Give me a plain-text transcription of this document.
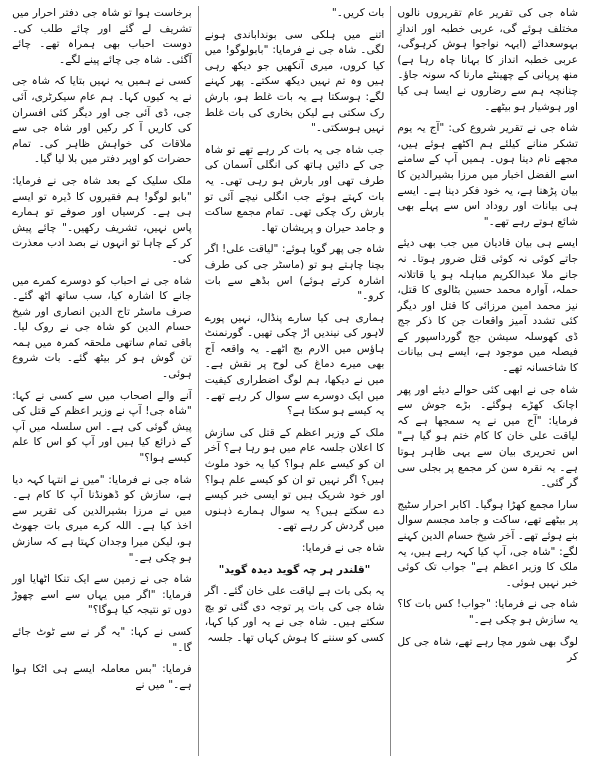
شاہ جی کی تقریر عام تقریروں نالوں مختلف ہوئے گی، عربی خطبہ اور اندازِ بہوسعدائے (ایہہ نواجوا ہوش کرہوگی، عربی خطبہ انداز کا بہانا چاہ رہا ہے) منھ پرپانی کے چھینٹے مارنا کہ سونہ جاؤ۔ چنانچہ ہم سے رضاروں نے ایسا ہی کیا اور ہوشیار ہو بیٹھے۔

شاہ جی نے تقریر شروع کی: "آج یہ یوم تشکر منانے کیلئے ہم اکٹھے ہوئے ہیں، مجھے نام دینا ہوں۔ ہمیں آپ کے سامنے اسے الفضل اخبار میں مرزا بشیرالدین کا بیان پڑھنا ہے، یہ خود فکر دینا ہے۔ ایسے ہی بیانات اور روداد اس سے پہلے بھی شائع ہوتے رہے تھے۔"

ایسے ہی بیان قادیان میں جب بھی دیئے جاتے کوئی نہ کوئی قتل ضرور ہوتا۔ نہ جانے ملا عبدالکریم مباہلہ ہو یا قاتلانہ حملہ، آوارہ محمد حسین بٹالوی کا قتل، نیز محمد امین مرزائی کا قتل اور دیگر کئی تشدد آمیز واقعات جن کا ذکر جج ڈی کھوسلہ سیشن جج گورداسپور کے فیصلہ میں موجود ہے، ایسے ہی بیانات کا شاخسانہ تھے۔

شاہ جی نے ابھی کئی حوالے دیئے اور پھر اچانک کھڑے ہوگئے۔ بڑے جوش سے فرمایا: "آج میں نے یہ سمجھا ہے کہ لیاقت علی خان کا کام ختم ہو گیا ہے" اس تحریری بیان سے یہی ظاہر ہوتا ہے۔ یہ نقرہ سن کر مجمع پر بجلی سی گر گئی۔

سارا مجمع کھڑا ہوگیا۔ اکابر احرار سٹیج پر بیٹھے تھے، ساکت و جامد مجسم سوال بنے ہوئے تھے۔ آخر شیخ حسام الدین کہنے لگے: "شاہ جی، آپ کیا کہہ رہے ہیں، یہ ملک کا وزیر اعظم ہے" جواب تک کوئی خبر نہیں ہوئی۔

شاہ جی نے فرمایا: "جواب! کس بات کا؟ یہ سازش ہو چکی ہے۔"

لوگ بھی شور مچا رہے تھے، شاہ جی کل کر

بات کریں۔"

اتنے میں ہلکی سی بونداباندی ہونے لگی۔ شاہ جی نے فرمایا: "بابولوگو! میں کیا کروں، میری آنکھیں جو دیکھ رہی ہیں وہ تم نہیں دیکھ سکتے۔ پھر کہنے لگے: ہوسکتا ہے یہ بات غلط ہو، بارش رک سکتی ہے لیکن بخاری کی بات غلط نہیں ہوسکتی۔"

جب شاہ جی یہ بات کر رہے تھے تو شاہ جی کے دائیں ہاتھ کی انگلی آسمان کی طرف تھی اور بارش ہو رہی تھی۔ یہ بات کہتے ہوئے جب انگلی نیچے آئی تو بارش رک چکی تھی۔ تمام مجمع ساکت و جامد حیران و پریشان تھا۔

شاہ جی پھر گویا ہوئے: "لیاقت علی! اگر بچنا چاہتے ہو تو (ماسٹر جی کی طرف اشارہ کرتے ہوئے) اس بڈھے سے بات کرو۔"

ہماری ہی کیا سارے پنڈال، نہیں پورے لاہور کی نیندیں اڑ چکی تھیں۔ گورنمنٹ ہاؤس میں الارم بج اٹھے۔ یہ واقعہ آج بھی میرے دماغ کی لوح پر نقش ہے۔ میں نے دیکھا، ہم لوگ اضطراری کیفیت میں ایک دوسرے سے سوال کر رہے تھے۔ یہ کیسے ہو سکتا ہے؟

ملک کے وزیر اعظم کے قتل کی سازش کا اعلان جلسہ عام میں ہو رہا ہے؟ آخر ان کو کیسے علم ہوا؟ کیا یہ خود ملوث ہیں؟ اگر نہیں تو ان کو کیسے علم ہوا؟ اور خود شریک ہیں تو ایسی خبر کیسے دے سکتے ہیں؟ یہ سوال ہمارے ذہنوں میں گردش کر رہے تھے۔

شاہ جی نے فرمایا:

"قلندر ہر چہ گوید دیدہ گوید"

یہ بکی بات ہے لیاقت علی خان گئے۔ اگر شاہ جی کی بات پر توجہ دی گئی تو بچ سکتے ہیں۔ شاہ جی نے یہ اور کیا کہا، کسی کو سننے کا ہوش کہاں تھا۔ جلسہ

برخاست ہوا تو شاہ جی دفتر احرار میں تشریف لے گئے اور چائے طلب کی۔ دوست احباب بھی ہمراہ تھے۔ چائے آگئی۔ شاہ جی چائے پینے لگے۔

کسی نے ہمیں یہ نہیں بتایا کہ شاہ جی نے یہ کیوں کہا۔ ہم عام سیکرٹری، آئی جی، ڈی آئی جی اور دیگر کئی افسران کی کاریں آ کر رکیں اور شاہ جی سے ملاقات کی خواہش ظاہر کی۔ تمام حضرات کو اوپر دفتر میں بلا لیا گیا۔

ملک سلیک کے بعد شاہ جی نے فرمایا: "بابو لوگو! ہم فقیروں کا ڈیرہ تو ایسے ہی ہے۔ کرسیاں اور صوفے تو ہمارے پاس نہیں، تشریف رکھیں۔" چائے پیش کر کے چاہا تو انہوں نے بصد ادب معذرت کی۔

شاہ جی نے احباب کو دوسرے کمرے میں جانے کا اشارہ کیا، سب ساتھ اٹھ گئے۔ صرف ماسٹر تاج الدین انصاری اور شیخ حسام الدین کو شاہ جی نے روک لیا۔ باقی تمام ساتھی ملحقہ کمرہ میں ہمہ تن گوش ہو کر بیٹھ گئے۔ بات شروع ہوئی۔

آنے والے اصحاب میں سے کسی نے کہا: "شاہ جی! آپ نے وزیر اعظم کے قتل کی پیش گوئی کی ہے۔ اس سلسلہ میں آپ کے ذرائع کیا ہیں اور آپ کو اس کا علم کیسے ہوا؟"

شاہ جی نے فرمایا: "میں نے انتہا کہہ دیا ہے، سازش کو ڈھونڈنا آپ کا کام ہے۔ میں نے مرزا بشیرالدین کی تقریر سے اخذ کیا ہے۔ اللہ کرے میری بات جھوٹ ہو، لیکن میرا وجدان کہتا ہے کہ سازش ہو چکی ہے۔"

شاہ جی نے زمین سے ایک تنکا اٹھایا اور فرمایا: "اگر میں یہاں سے اسے چھوڑ دوں تو نتیجہ کیا ہوگا؟"

کسی نے کہا: "یہ گر نے سے ٹوٹ جائے گا۔"

فرمایا: "بس معاملہ ایسے ہی اٹکا ہوا ہے۔" میں نے
